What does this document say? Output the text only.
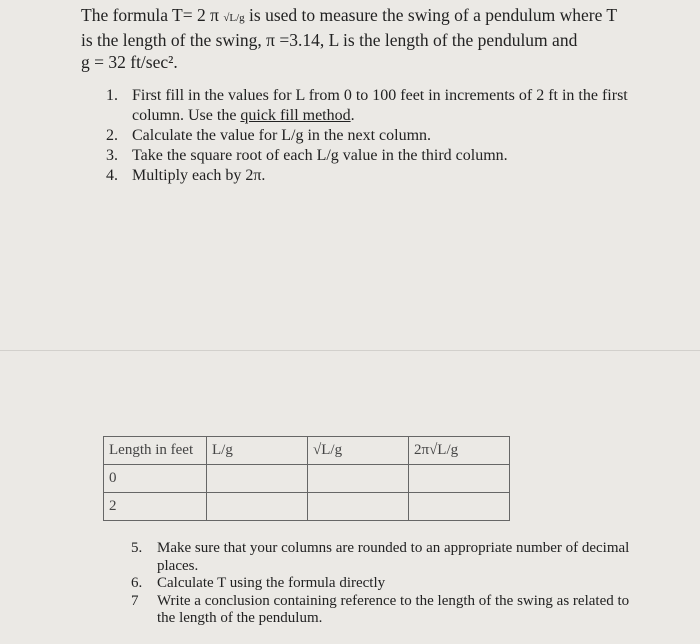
The formula T= 2 π √L/g is used to measure the swing of a pendulum where T
is the length of the swing, π =3.14, L is the length of the pendulum and
g = 32 ft/sec².
1. First fill in the values for L from 0 to 100 feet in increments of 2 ft in the first column. Use the quick fill method.
2. Calculate the value for L/g in the next column.
3. Take the square root of each L/g value in the third column.
4. Multiply each by 2π.
Length in feet	L/g	√L/g	2π√L/g
0			
2			
5. Make sure that your columns are rounded to an appropriate number of decimal places.
6. Calculate T using the formula directly
7 Write a conclusion containing reference to the length of the swing as related to the length of the pendulum.
